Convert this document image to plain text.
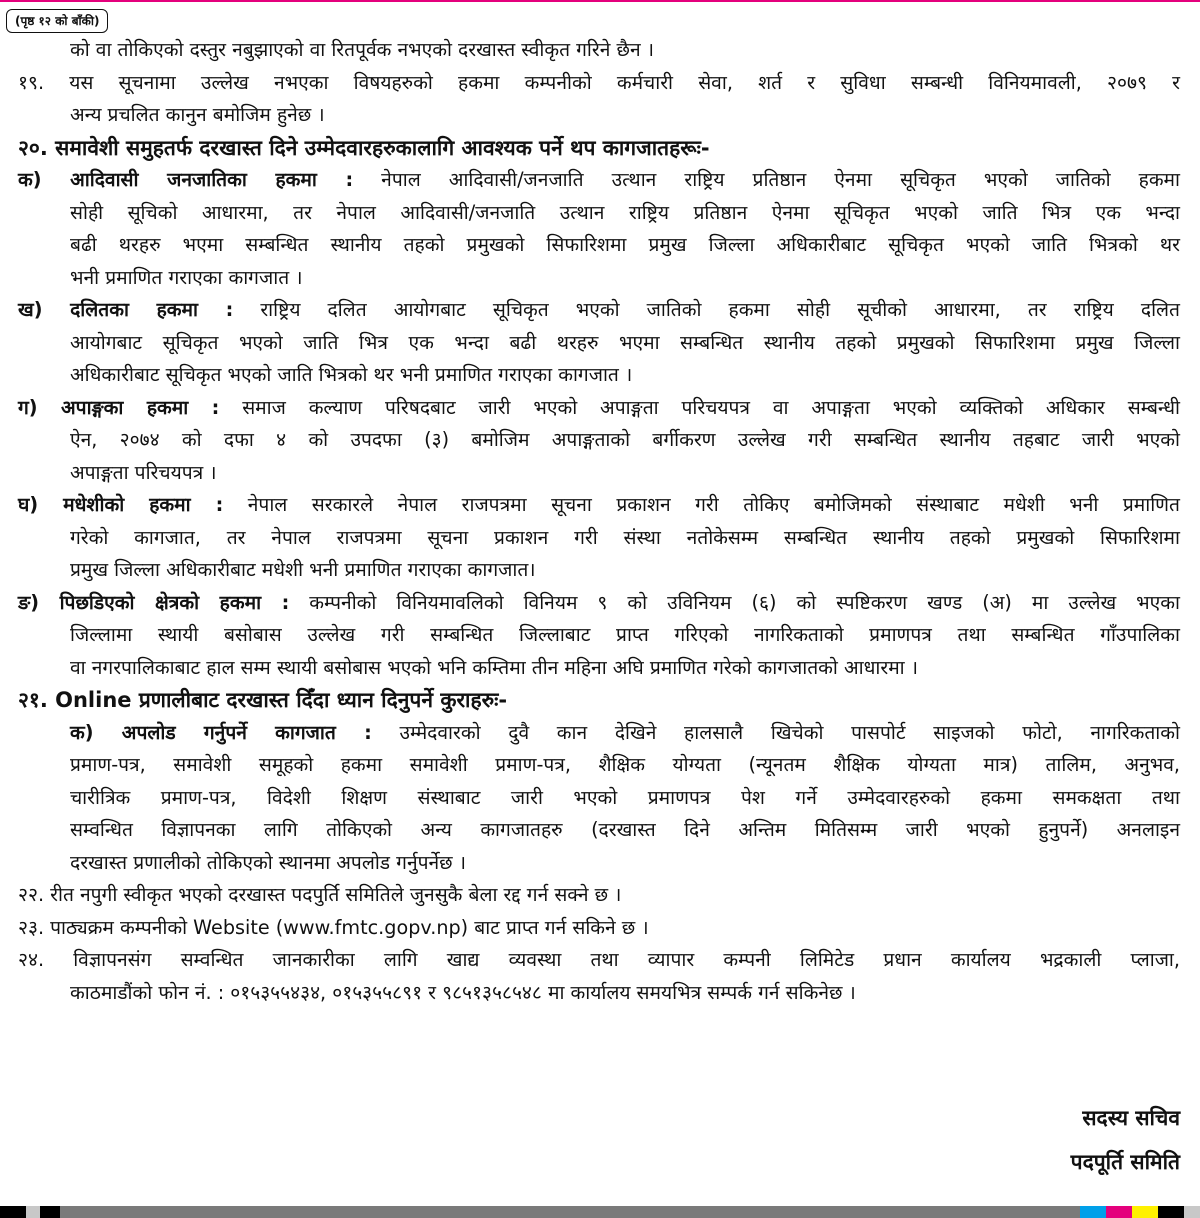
(पृष्ठ १२ को बाँकी)
को वा तोकिएको दस्तुर नबुझाएको वा रितपूर्वक नभएको दरखास्त स्वीकृत गरिने छैन ।
१९. यस सूचनामा उल्लेख नभएका विषयहरुको हकमा कम्पनीको कर्मचारी सेवा, शर्त र सुविधा सम्बन्धी विनियमावली, २०७९ र
अन्य प्रचलित कानुन बमोजिम हुनेछ ।
२०. समावेशी समुहतर्फ दरखास्त दिने उम्मेदवारहरुकालागि आवश्यक पर्ने थप कागजातहरूः-
क) आदिवासी जनजातिका हकमा : नेपाल आदिवासी/जनजाति उत्थान राष्ट्रिय प्रतिष्ठान ऐनमा सूचिकृत भएको जातिको हकमा
सोही सूचिको आधारमा, तर नेपाल आदिवासी/जनजाति उत्थान राष्ट्रिय प्रतिष्ठान ऐनमा सूचिकृत भएको जाति भित्र एक भन्दा
बढी थरहरु भएमा सम्बन्धित स्थानीय तहको प्रमुखको सिफारिशमा प्रमुख जिल्ला अधिकारीबाट सूचिकृत भएको जाति भित्रको थर
भनी प्रमाणित गराएका कागजात ।
ख) दलितका हकमा : राष्ट्रिय दलित आयोगबाट सूचिकृत भएको जातिको हकमा सोही सूचीको आधारमा, तर राष्ट्रिय दलित
आयोगबाट सूचिकृत भएको जाति भित्र एक भन्दा बढी थरहरु भएमा सम्बन्धित स्थानीय तहको प्रमुखको सिफारिशमा प्रमुख जिल्ला
अधिकारीबाट सूचिकृत भएको जाति भित्रको थर भनी प्रमाणित गराएका कागजात ।
ग) अपाङ्गका हकमा : समाज कल्याण परिषदबाट जारी भएको अपाङ्गता परिचयपत्र वा अपाङ्गता भएको व्यक्तिको अधिकार सम्बन्धी
ऐन, २०७४ को दफा ४ को उपदफा (३) बमोजिम अपाङ्गताको बर्गीकरण उल्लेख गरी सम्बन्धित स्थानीय तहबाट जारी भएको
अपाङ्गता परिचयपत्र ।
घ) मधेशीको हकमा : नेपाल सरकारले नेपाल राजपत्रमा सूचना प्रकाशन गरी तोकिए बमोजिमको संस्थाबाट मधेशी भनी प्रमाणित
गरेको कागजात, तर नेपाल राजपत्रमा सूचना प्रकाशन गरी संस्था नतोकेसम्म सम्बन्धित स्थानीय तहको प्रमुखको सिफारिशमा
प्रमुख जिल्ला अधिकारीबाट मधेशी भनी प्रमाणित गराएका कागजात।
ङ) पिछडिएको क्षेत्रको हकमा : कम्पनीको विनियमावलिको विनियम ९ को उविनियम (६) को स्पष्टिकरण खण्ड (अ) मा उल्लेख भएका
जिल्लामा स्थायी बसोबास उल्लेख गरी सम्बन्धित जिल्लाबाट प्राप्त गरिएको नागरिकताको प्रमाणपत्र तथा सम्बन्धित गाँउपालिका
वा नगरपालिकाबाट हाल सम्म स्थायी बसोबास भएको भनि कम्तिमा तीन महिना अघि प्रमाणित गरेको कागजातको आधारमा ।
२१. Online प्रणालीबाट दरखास्त दिँदा ध्यान दिनुपर्ने कुराहरुः-
क) अपलोड गर्नुपर्ने कागजात : उम्मेदवारको दुवै कान देखिने हालसालै खिचेको पासपोर्ट साइजको फोटो, नागरिकताको
प्रमाण-पत्र, समावेशी समूहको हकमा समावेशी प्रमाण-पत्र, शैक्षिक योग्यता (न्यूनतम शैक्षिक योग्यता मात्र) तालिम, अनुभव,
चारीत्रिक प्रमाण-पत्र, विदेशी शिक्षण संस्थाबाट जारी भएको प्रमाणपत्र पेश गर्ने उम्मेदवारहरुको हकमा समकक्षता तथा
सम्वन्धित विज्ञापनका लागि तोकिएको अन्य कागजातहरु (दरखास्त दिने अन्तिम मितिसम्म जारी भएको हुनुपर्ने) अनलाइन
दरखास्त प्रणालीको तोकिएको स्थानमा अपलोड गर्नुपर्नेछ ।
२२. रीत नपुगी स्वीकृत भएको दरखास्त पदपुर्ति समितिले जुनसुकै बेला रद्द गर्न सक्ने छ ।
२३. पाठ्यक्रम कम्पनीको Website (www.fmtc.gopv.np) बाट प्राप्त गर्न सकिने छ ।
२४. विज्ञापनसंग सम्वन्धित जानकारीका लागि खाद्य व्यवस्था तथा व्यापार कम्पनी लिमिटेड प्रधान कार्यालय भद्रकाली प्लाजा,
काठमाडौंको फोन नं. : ०१५३५५४३४, ०१५३५५८९१ र ९८५१३५८५४८ मा कार्यालय समयभित्र सम्पर्क गर्न सकिनेछ ।
सदस्य सचिव
पदपूर्ति समिति
